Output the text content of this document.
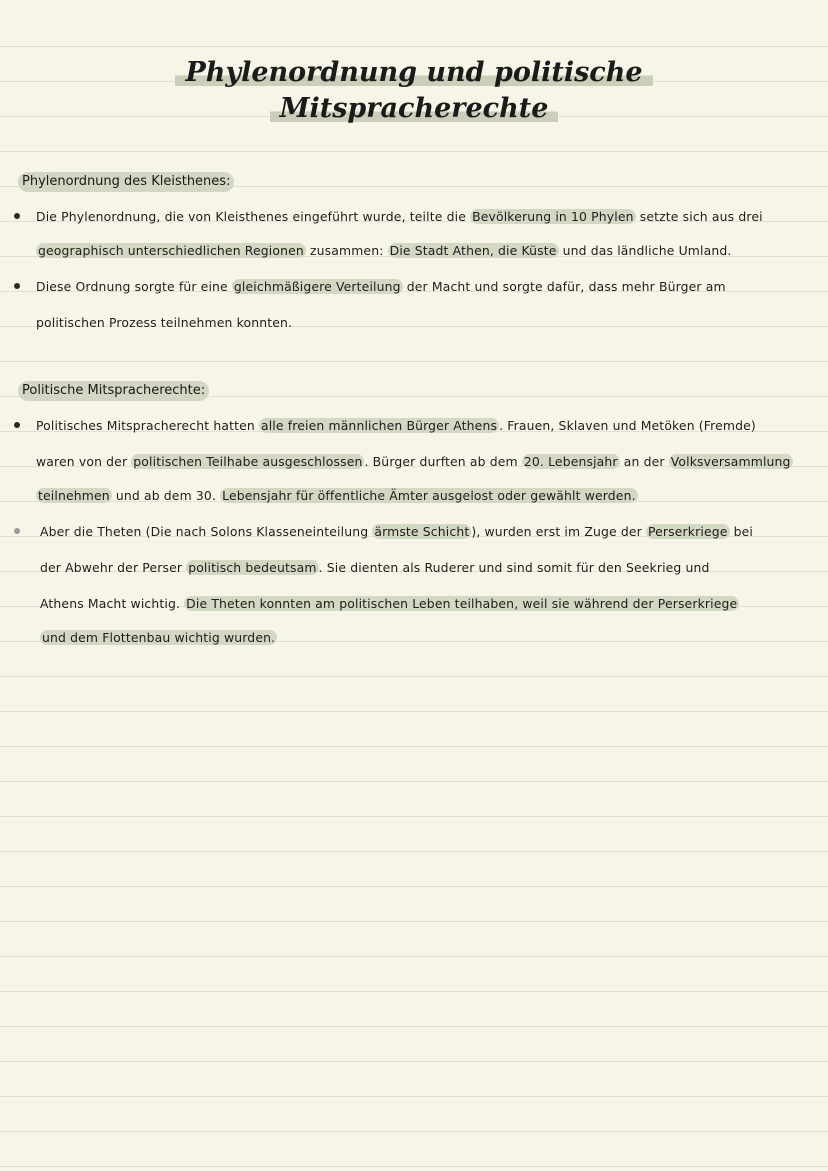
Phylenordnung und politische
Mitspracherechte
Phylenordnung des Kleisthenes:
Die Phylenordnung, die von Kleisthenes eingeführt wurde, teilte die Bevölkerung in 10 Phylen setzte sich aus drei
geographisch unterschiedlichen Regionen zusammen: Die Stadt Athen, die Küste und das ländliche Umland.
Diese Ordnung sorgte für eine gleichmäßigere Verteilung der Macht und sorgte dafür, dass mehr Bürger am
politischen Prozess teilnehmen konnten.
Politische Mitspracherechte:
Politisches Mitspracherecht hatten alle freien männlichen Bürger Athens . Frauen, Sklaven und Metöken (Fremde)
waren von der politischen Teilhabe ausgeschlossen . Bürger durften ab dem 20. Lebensjahr an der Volksversammlung
teilnehmen und ab dem 30. Lebensjahr für öffentliche Ämter ausgelost oder gewählt werden.
Aber die Theten (Die nach Solons Klasseneinteilung ärmste Schicht ), wurden erst im Zuge der Perserkriege bei
der Abwehr der Perser politisch bedeutsam . Sie dienten als Ruderer und sind somit für den Seekrieg und
Athens Macht wichtig. Die Theten konnten am politischen Leben teilhaben, weil sie während der Perserkriege
und dem Flottenbau wichtig wurden.
